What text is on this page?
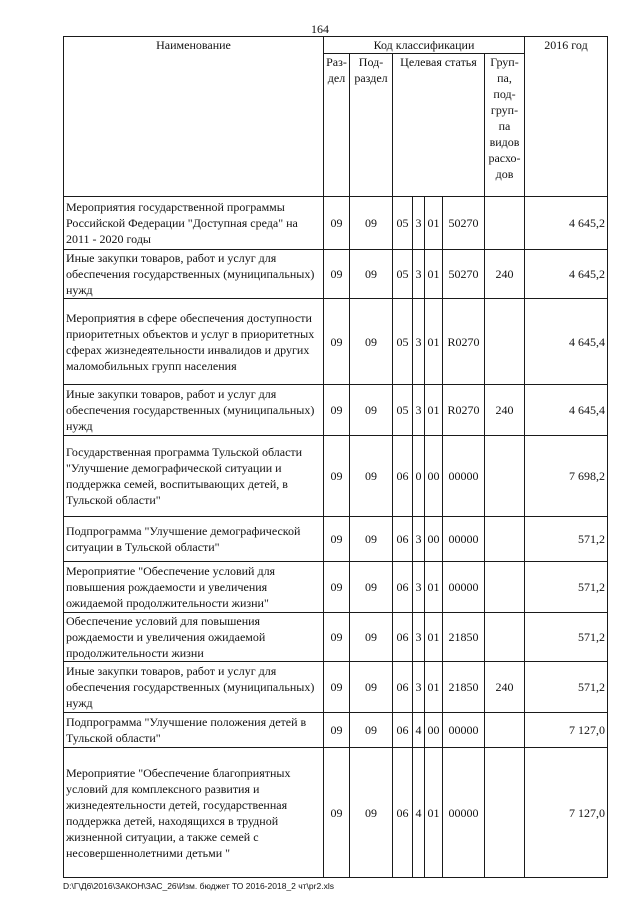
164
Наименование	Код классификации							2016 год
	Раз-дел	Под-раздел	Целевая статья				Груп-па, под-груп-па видов расхо-дов	
Мероприятия государственной программы Российской Федерации "Доступная среда" на 2011 - 2020 годы	09	09	05	3	01	50270		4 645,2
Иные закупки товаров, работ и услуг для обеспечения государственных (муниципальных) нужд	09	09	05	3	01	50270	240	4 645,2
Мероприятия в сфере обеспечения доступности приоритетных объектов и услуг в приоритетных сферах жизнедеятельности инвалидов и других маломобильных групп населения	09	09	05	3	01	R0270		4 645,4
Иные закупки товаров, работ и услуг для обеспечения государственных (муниципальных) нужд	09	09	05	3	01	R0270	240	4 645,4
Государственная программа Тульской области "Улучшение демографической ситуации и поддержка семей, воспитывающих детей, в Тульской области"	09	09	06	0	00	00000		7 698,2
Подпрограмма "Улучшение демографической ситуации в Тульской области"	09	09	06	3	00	00000		571,2
Мероприятие "Обеспечение условий для повышения рождаемости и увеличения ожидаемой продолжительности жизни"	09	09	06	3	01	00000		571,2
Обеспечение условий для повышения рождаемости и увеличения ожидаемой продолжительности жизни	09	09	06	3	01	21850		571,2
Иные закупки товаров, работ и услуг для обеспечения государственных (муниципальных) нужд	09	09	06	3	01	21850	240	571,2
Подпрограмма "Улучшение положения детей в Тульской области"	09	09	06	4	00	00000		7 127,0
Мероприятие "Обеспечение благоприятных условий для комплексного развития и жизнедеятельности детей, государственная поддержка детей, находящихся в трудной жизненной ситуации, а также семей с несовершеннолетними детьми "	09	09	06	4	01	00000		7 127,0
D:\Г\Д6\2016\ЗАКОН\ЗАС_26\Изм. бюджет ТО 2016-2018_2 чт\pr2.xls
